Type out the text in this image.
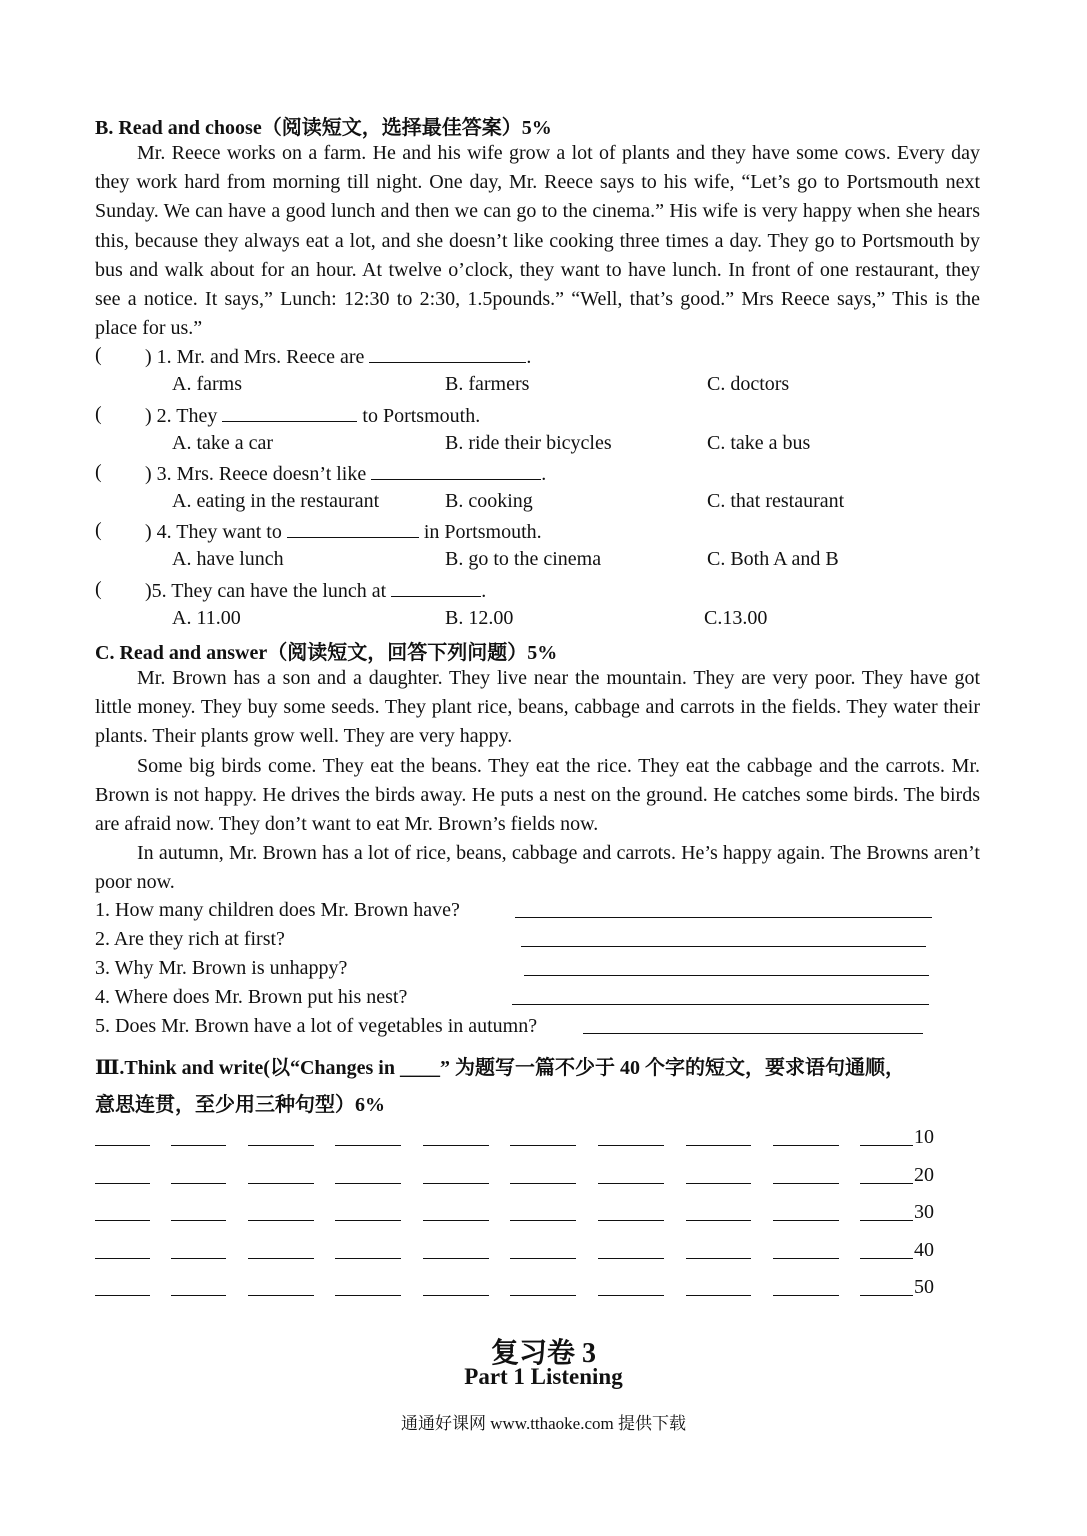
B. Read and choose（阅读短文，选择最佳答案）5%
Mr. Reece works on a farm. He and his wife grow a lot of plants and they have some cows. Every day they work hard from morning till night. One day, Mr. Reece says to his wife, “Let’s go to Portsmouth next Sunday. We can have a good lunch and then we can go to the cinema.” His wife is very happy when she hears this, because they always eat a lot, and she doesn’t like cooking three times a day. They go to Portsmouth by bus and walk about for an hour. At twelve o’clock, they want to have lunch. In front of one restaurant, they see a notice. It says,” Lunch: 12:30 to 2:30, 1.5pounds.” “Well, that’s good.” Mrs Reece says,” This is the place for us.”
( ) 1. Mr. and Mrs. Reece are	.
A. farms	B. farmers	C. doctors
( ) 2. They	to Portsmouth.
A. take a car	B. ride their bicycles	C. take a bus
( ) 3. Mrs. Reece doesn’t like	.
A. eating in the restaurant	B. cooking	C. that restaurant
( ) 4. They want to	in Portsmouth.
A. have lunch	B. go to the cinema	C. Both A and B
( )5. They can have the lunch at	.
A. 11.00	B. 12.00	C.13.00
C. Read and answer（阅读短文，回答下列问题）5%
Mr. Brown has a son and a daughter. They live near the mountain. They are very poor. They have got little money. They buy some seeds. They plant rice, beans, cabbage and carrots in the fields. They water their plants. Their plants grow well. They are very happy.
Some big birds come. They eat the beans. They eat the rice. They eat the cabbage and the carrots. Mr. Brown is not happy. He drives the birds away. He puts a nest on the ground. He catches some birds. The birds are afraid now. They don’t want to eat Mr. Brown’s fields now.
In autumn, Mr. Brown has a lot of rice, beans, cabbage and carrots. He’s happy again. The Browns aren’t poor now.
1. How many children does Mr. Brown have?
2. Are they rich at first?
3. Why Mr. Brown is unhappy?
4. Where does Mr. Brown put his nest?
5. Does Mr. Brown have a lot of vegetables in autumn?
Ⅲ.Think and write(以“Changes in ____” 为题写一篇不少于 40 个字的短文，要求语句通顺，
意思连贯，至少用三种句型）6%
10
20
30
40
50
复习卷 3
Part 1 Listening
通通好课网 www.tthaoke.com 提供下载
